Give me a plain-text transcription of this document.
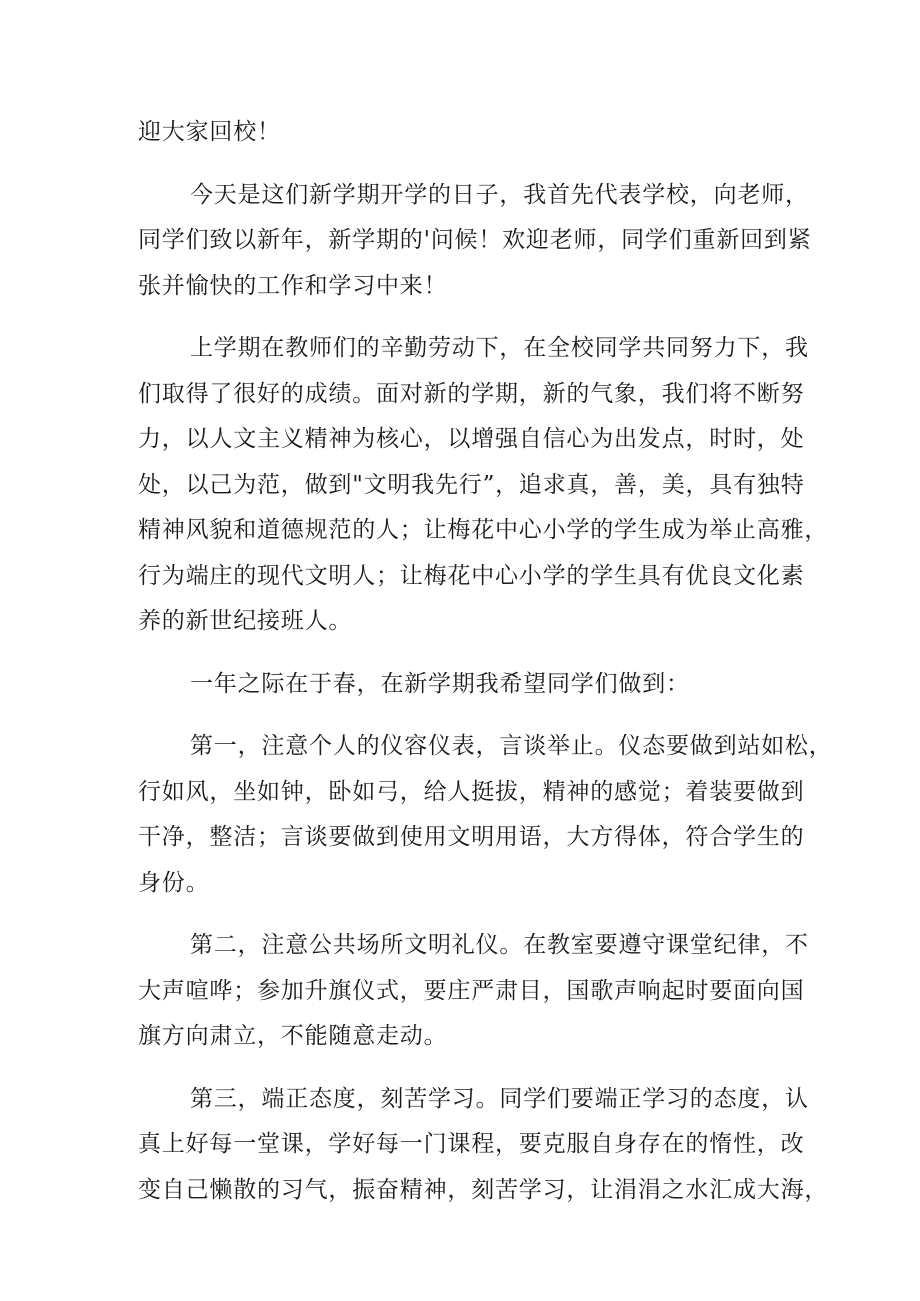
迎大家回校！

今天是这们新学期开学的日子，我首先代表学校，向老师，
同学们致以新年，新学期的'问候！欢迎老师，同学们重新回到紧
张并愉快的工作和学习中来！

上学期在教师们的辛勤劳动下，在全校同学共同努力下，我
们取得了很好的成绩。面对新的学期，新的气象，我们将不断努
力，以人文主义精神为核心，以增强自信心为出发点，时时，处
处，以己为范，做到"文明我先行”，追求真，善，美，具有独特
精神风貌和道德规范的人；让梅花中心小学的学生成为举止高雅，
行为端庄的现代文明人；让梅花中心小学的学生具有优良文化素
养的新世纪接班人。

一年之际在于春，在新学期我希望同学们做到：

第一，注意个人的仪容仪表，言谈举止。仪态要做到站如松，
行如风，坐如钟，卧如弓，给人挺拔，精神的感觉；着装要做到
干净，整洁；言谈要做到使用文明用语，大方得体，符合学生的
身份。

第二，注意公共场所文明礼仪。在教室要遵守课堂纪律，不
大声喧哗；参加升旗仪式，要庄严肃目，国歌声响起时要面向国
旗方向肃立，不能随意走动。

第三，端正态度，刻苦学习。同学们要端正学习的态度，认
真上好每一堂课，学好每一门课程，要克服自身存在的惰性，改
变自己懒散的习气，振奋精神，刻苦学习，让涓涓之水汇成大海，
